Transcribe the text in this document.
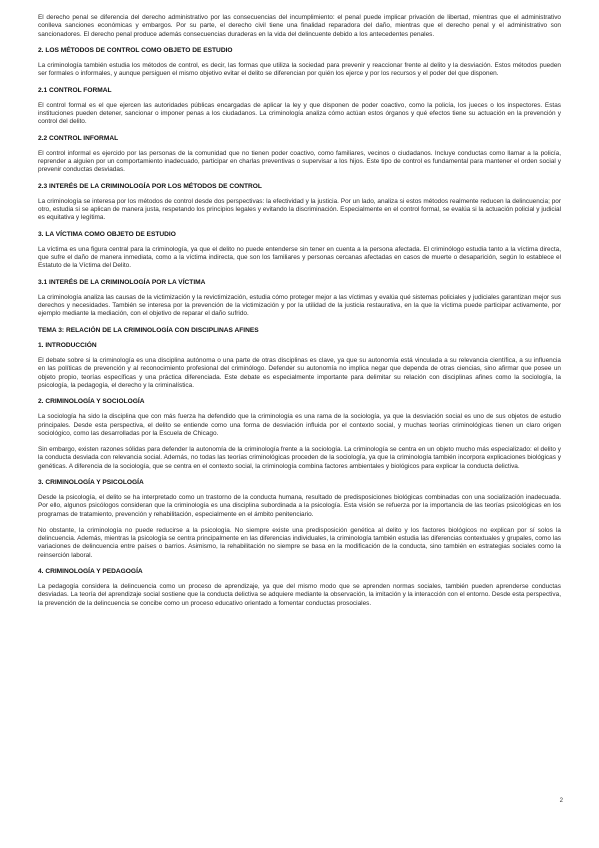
El derecho penal se diferencia del derecho administrativo por las consecuencias del incumplimiento: el penal puede implicar privación de libertad, mientras que el administrativo conlleva sanciones económicas y embargos. Por su parte, el derecho civil tiene una finalidad reparadora del daño, mientras que el derecho penal y el administrativo son sancionadores. El derecho penal produce además consecuencias duraderas en la vida del delincuente debido a los antecedentes penales.

2. LOS MÉTODOS DE CONTROL COMO OBJETO DE ESTUDIO

La criminología también estudia los métodos de control, es decir, las formas que utiliza la sociedad para prevenir y reaccionar frente al delito y la desviación. Estos métodos pueden ser formales o informales, y aunque persiguen el mismo objetivo evitar el delito se diferencian por quién los ejerce y por los recursos y el poder del que disponen.

2.1 CONTROL FORMAL

El control formal es el que ejercen las autoridades públicas encargadas de aplicar la ley y que disponen de poder coactivo, como la policía, los jueces o los inspectores. Estas instituciones pueden detener, sancionar o imponer penas a los ciudadanos. La criminología analiza cómo actúan estos órganos y qué efectos tiene su actuación en la prevención y control del delito.

2.2 CONTROL INFORMAL

El control informal es ejercido por las personas de la comunidad que no tienen poder coactivo, como familiares, vecinos o ciudadanos. Incluye conductas como llamar a la policía, reprender a alguien por un comportamiento inadecuado, participar en charlas preventivas o supervisar a los hijos. Este tipo de control es fundamental para mantener el orden social y prevenir conductas desviadas.

2.3 INTERÉS DE LA CRIMINOLOGÍA POR LOS MÉTODOS DE CONTROL

La criminología se interesa por los métodos de control desde dos perspectivas: la efectividad y la justicia. Por un lado, analiza si estos métodos realmente reducen la delincuencia; por otro, estudia si se aplican de manera justa, respetando los principios legales y evitando la discriminación. Especialmente en el control formal, se evalúa si la actuación policial y judicial es equitativa y legítima.

3. LA VÍCTIMA COMO OBJETO DE ESTUDIO

La víctima es una figura central para la criminología, ya que el delito no puede entenderse sin tener en cuenta a la persona afectada. El criminólogo estudia tanto a la víctima directa, que sufre el daño de manera inmediata, como a la víctima indirecta, que son los familiares y personas cercanas afectadas en casos de muerte o desaparición, según lo establece el Estatuto de la Víctima del Delito.

3.1 INTERÉS DE LA CRIMINOLOGÍA POR LA VÍCTIMA

La criminología analiza las causas de la victimización y la revictimización, estudia cómo proteger mejor a las víctimas y evalúa qué sistemas policiales y judiciales garantizan mejor sus derechos y necesidades. También se interesa por la prevención de la victimización y por la utilidad de la justicia restaurativa, en la que la víctima puede participar activamente, por ejemplo mediante la mediación, con el objetivo de reparar el daño sufrido.

TEMA 3: RELACIÓN DE LA CRIMINOLOGÍA CON DISCIPLINAS AFINES
1. INTRODUCCIÓN

El debate sobre si la criminología es una disciplina autónoma o una parte de otras disciplinas es clave, ya que su autonomía está vinculada a su relevancia científica, a su influencia en las políticas de prevención y al reconocimiento profesional del criminólogo. Defender su autonomía no implica negar que dependa de otras ciencias, sino afirmar que posee un objeto propio, teorías específicas y una práctica diferenciada. Este debate es especialmente importante para delimitar su relación con disciplinas afines como la sociología, la psicología, la pedagogía, el derecho y la criminalística.

2. CRIMINOLOGÍA Y SOCIOLOGÍA

La sociología ha sido la disciplina que con más fuerza ha defendido que la criminología es una rama de la sociología, ya que la desviación social es uno de sus objetos de estudio principales. Desde esta perspectiva, el delito se entiende como una forma de desviación influida por el contexto social, y muchas teorías criminológicas tienen un claro origen sociológico, como las desarrolladas por la Escuela de Chicago.

Sin embargo, existen razones sólidas para defender la autonomía de la criminología frente a la sociología. La criminología se centra en un objeto mucho más especializado: el delito y la conducta desviada con relevancia social. Además, no todas las teorías criminológicas proceden de la sociología, ya que la criminología también incorpora explicaciones biológicas y genéticas. A diferencia de la sociología, que se centra en el contexto social, la criminología combina factores ambientales y biológicos para explicar la conducta delictiva.

3. CRIMINOLOGÍA Y PSICOLOGÍA

Desde la psicología, el delito se ha interpretado como un trastorno de la conducta humana, resultado de predisposiciones biológicas combinadas con una socialización inadecuada. Por ello, algunos psicólogos consideran que la criminología es una disciplina subordinada a la psicología. Esta visión se refuerza por la importancia de las teorías psicológicas en los programas de tratamiento, prevención y rehabilitación, especialmente en el ámbito penitenciario.

No obstante, la criminología no puede reducirse a la psicología. No siempre existe una predisposición genética al delito y los factores biológicos no explican por sí solos la delincuencia. Además, mientras la psicología se centra principalmente en las diferencias individuales, la criminología también estudia las diferencias contextuales y grupales, como las variaciones de delincuencia entre países o barrios. Asimismo, la rehabilitación no siempre se basa en la modificación de la conducta, sino también en estrategias sociales como la reinserción laboral.

4. CRIMINOLOGÍA Y PEDAGOGÍA

La pedagogía considera la delincuencia como un proceso de aprendizaje, ya que del mismo modo que se aprenden normas sociales, también pueden aprenderse conductas desviadas. La teoría del aprendizaje social sostiene que la conducta delictiva se adquiere mediante la observación, la imitación y la interacción con el entorno. Desde esta perspectiva, la prevención de la delincuencia se concibe como un proceso educativo orientado a fomentar conductas prosociales.

2
